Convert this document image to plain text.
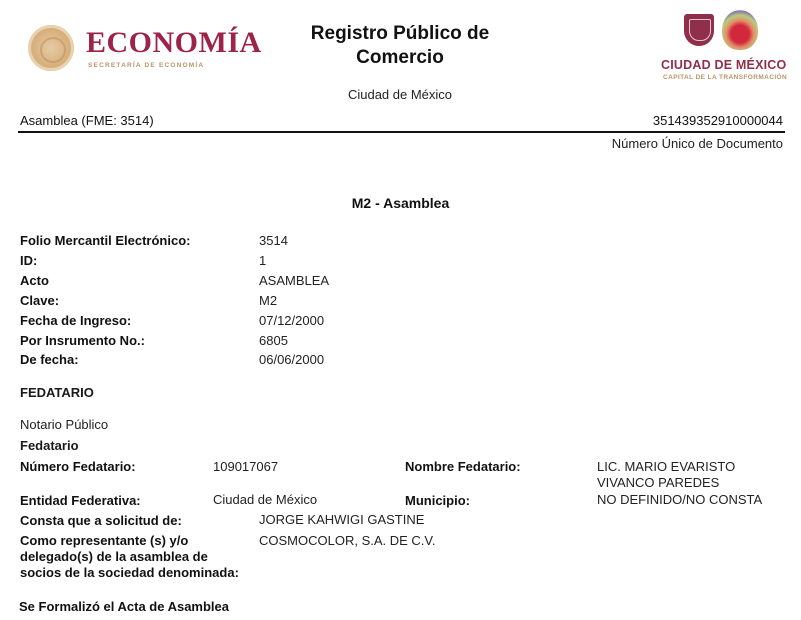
ECONOMÍA
SECRETARÍA DE ECONOMÍA
Registro Público de
Comercio
Ciudad de México
CIUDAD DE MÉXICO
CAPITAL DE LA TRANSFORMACIÓN
Asamblea (FME: 3514)	351439352910000044
Número Único de Documento
M2 - Asamblea
Folio Mercantil Electrónico:	3514
ID:	1
Acto	ASAMBLEA
Clave:	M2
Fecha de Ingreso:	07/12/2000
Por Insrumento No.:	6805
De fecha:	06/06/2000
FEDATARIO
Notario Público
Fedatario
Número Fedatario:	109017067	Nombre Fedatario:	LIC. MARIO EVARISTO
VIVANCO PAREDES
Entidad Federativa:	Ciudad de México	Municipio:	NO DEFINIDO/NO CONSTA
Consta que a solicitud de:	JORGE KAHWIGI GASTINE
Como representante (s) y/o
delegado(s) de la asamblea de
socios de la sociedad denominada:
COSMOCOLOR, S.A. DE C.V.
Se Formalizó el Acta de Asamblea
